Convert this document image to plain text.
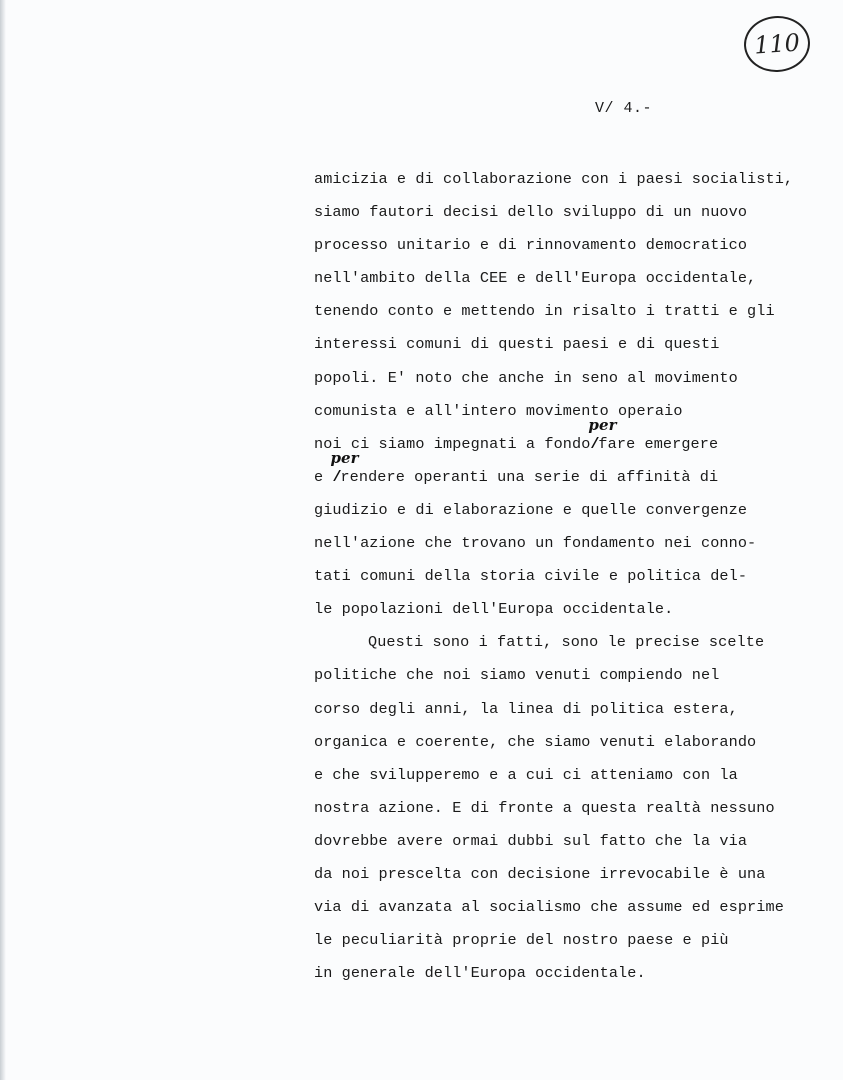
110
V/ 4.-
amicizia e di collaborazione con i paesi socialisti,
siamo fautori decisi dello sviluppo di un nuovo
processo unitario e di rinnovamento democratico
nell'ambito della CEE e dell'Europa occidentale,
tenendo conto e mettendo in risalto i tratti e gli
interessi comuni di questi paesi e di questi
popoli. E' noto che anche in seno al movimento
comunista e all'intero movimento operaio
noi ci siamo impegnati a fondo
per
/fare emergere
e
per
/rendere operanti una serie di affinità di
giudizio e di elaborazione e quelle convergenze
nell'azione che trovano un fondamento nei conno-
tati comuni della storia civile e politica del-
le popolazioni dell'Europa occidentale.
Questi sono i fatti, sono le precise scelte
politiche che noi siamo venuti compiendo nel
corso degli anni, la linea di politica estera,
organica e coerente, che siamo venuti elaborando
e che svilupperemo e a cui ci atteniamo con la
nostra azione. E di fronte a questa realtà nessuno
dovrebbe avere ormai dubbi sul fatto che la via
da noi prescelta con decisione irrevocabile è una
via di avanzata al socialismo che assume ed esprime
le peculiarità proprie del nostro paese e più
in generale dell'Europa occidentale.
